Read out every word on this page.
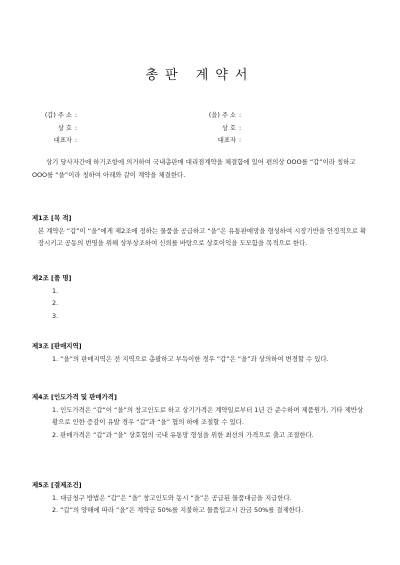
총판 계약서
(갑) 주 소 :
상 호 :
대표자 :
(을) 주 소 :
상 호 :
대표자 :
상기 당사자간에 하기조항에 의거하여 국내총판매 대리점계약을 체결함에 있어 편의상 OOO를 “갑”이라 칭하고 OOO를 “을”이라 칭하여 아래와 같이 계약을 체결한다.
제1조 [목 적]
본 계약은 “갑”이 “을”에게 제2조에 정하는 물품을 공급하고 “을”은 유통판매망을 형성하여 시장기반을 안정적으로 확장시키고 공동의 번영을 위해 상부상조하여 신뢰를 바탕으로 상호이익을 도모함을 목적으로 한다.
제2조 [품 명]
1.
2.
3.
제3조 [판매지역]
1. “을”의 판매지역은 전 지역으로 총괄하고 부득이한 경우 “갑”은 “을”과 상의하여 변경할 수 있다.
제4조 [인도가격 및 판매가격]
1. 인도가격은 “갑”이 “을”의 창고인도로 하고 상기가격은 계약일로부터 1년 간 준수하며 제품원가, 기타 제반상황으로 인한 증감이 유발 경우 “갑”과 “을” 협의 하에 조절할 수 있다.
2. 판매가격은 “갑”과 “을” 상호협의 국내 유통망 형성을 위한 최선의 가격으로 출고 조절한다.
제5조 [결제조건]
1. 대금청구 방법은 “갑”은 “을” 창고인도와 동시 “을”은 공급된 물품대금을 지급한다.
2. “갑”의 양해에 따라 “을”은 계약금 50%를 지불하고 물품입고시 잔금 50%를 결제한다.
